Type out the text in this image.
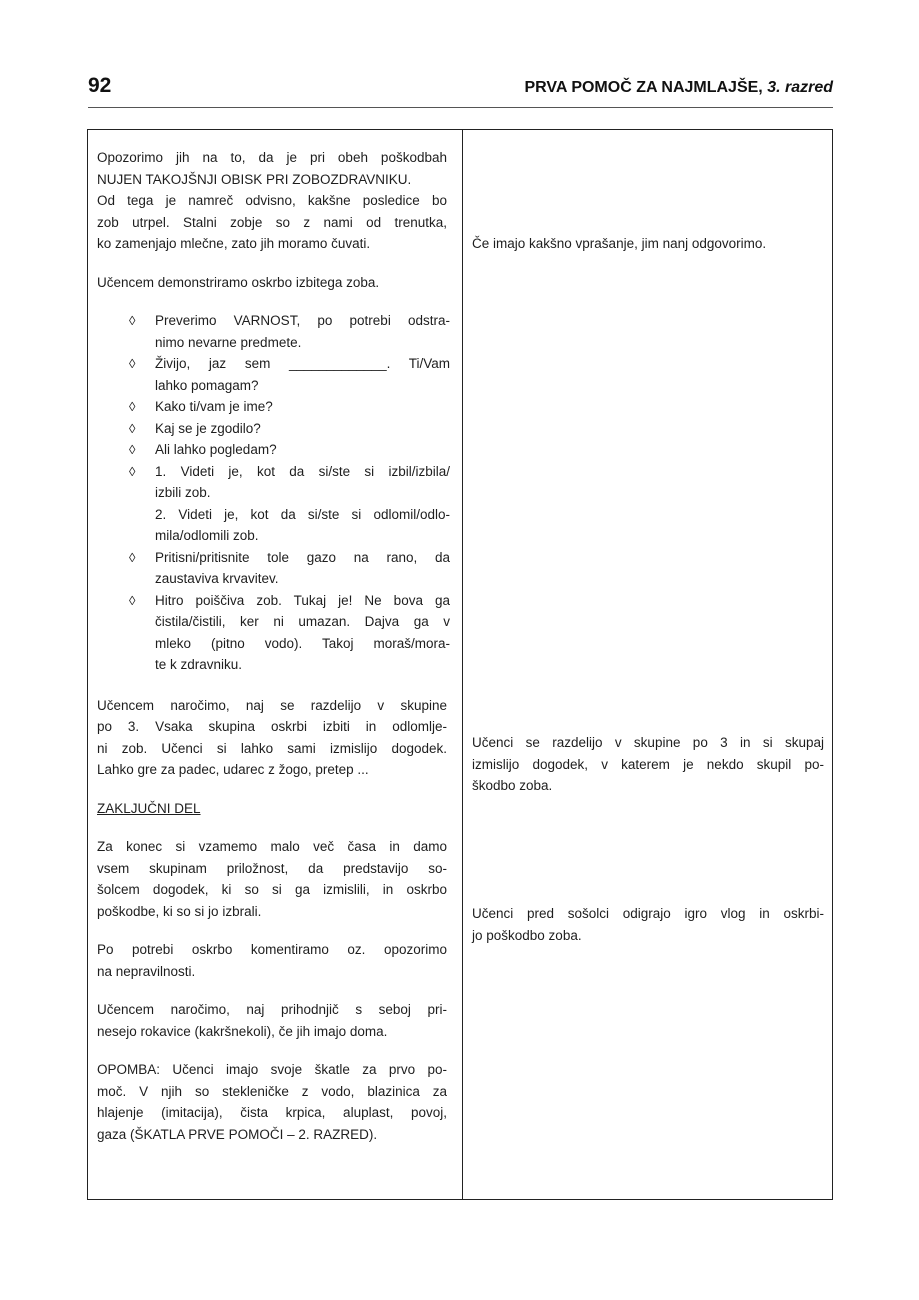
92	PRVA POMOČ ZA NAJMLAJŠE, 3. razred
Opozorimo jih na to, da je pri obeh poškodbah
NUJEN TAKOJŠNJI OBISK PRI ZOBOZDRAVNIKU.
Od tega je namreč odvisno, kakšne posledice bo
zob utrpel. Stalni zobje so z nami od trenutka,
ko zamenjajo mlečne, zato jih moramo čuvati.
Učencem demonstriramo oskrbo izbitega zoba.
◊ Preverimo VARNOST, po potrebi odstra-
nimo nevarne predmete.
◊ Živijo, jaz sem _____________. Ti/Vam
lahko pomagam?
◊ Kako ti/vam je ime?
◊ Kaj se je zgodilo?
◊ Ali lahko pogledam?
◊ 1. Videti je, kot da si/ste si izbil/izbila/
izbili zob.
2. Videti je, kot da si/ste si odlomil/odlo-
mila/odlomili zob.
◊ Pritisni/pritisnite tole gazo na rano, da
zaustaviva krvavitev.
◊ Hitro poiščiva zob. Tukaj je! Ne bova ga
čistila/čistili, ker ni umazan. Dajva ga v
mleko (pitno vodo). Takoj moraš/mora-
te k zdravniku.
Učencem naročimo, naj se razdelijo v skupine
po 3. Vsaka skupina oskrbi izbiti in odlomlje-
ni zob. Učenci si lahko sami izmislijo dogodek.
Lahko gre za padec, udarec z žogo, pretep ...
ZAKLJUČNI DEL
Za konec si vzamemo malo več časa in damo
vsem skupinam priložnost, da predstavijo so-
šolcem dogodek, ki so si ga izmislili, in oskrbo
poškodbe, ki so si jo izbrali.
Po potrebi oskrbo komentiramo oz. opozorimo
na nepravilnosti.
Učencem naročimo, naj prihodnjič s seboj pri-
nesejo rokavice (kakršnekoli), če jih imajo doma.
OPOMBA: Učenci imajo svoje škatle za prvo po-
moč. V njih so stekleničke z vodo, blazinica za
hlajenje (imitacija), čista krpica, aluplast, povoj,
gaza (ŠKATLA PRVE POMOČI – 2. RAZRED).
Če imajo kakšno vprašanje, jim nanj odgovorimo.
Učenci se razdelijo v skupine po 3 in si skupaj
izmislijo dogodek, v katerem je nekdo skupil po-
škodbo zoba.
Učenci pred sošolci odigrajo igro vlog in oskrbi-
jo poškodbo zoba.
